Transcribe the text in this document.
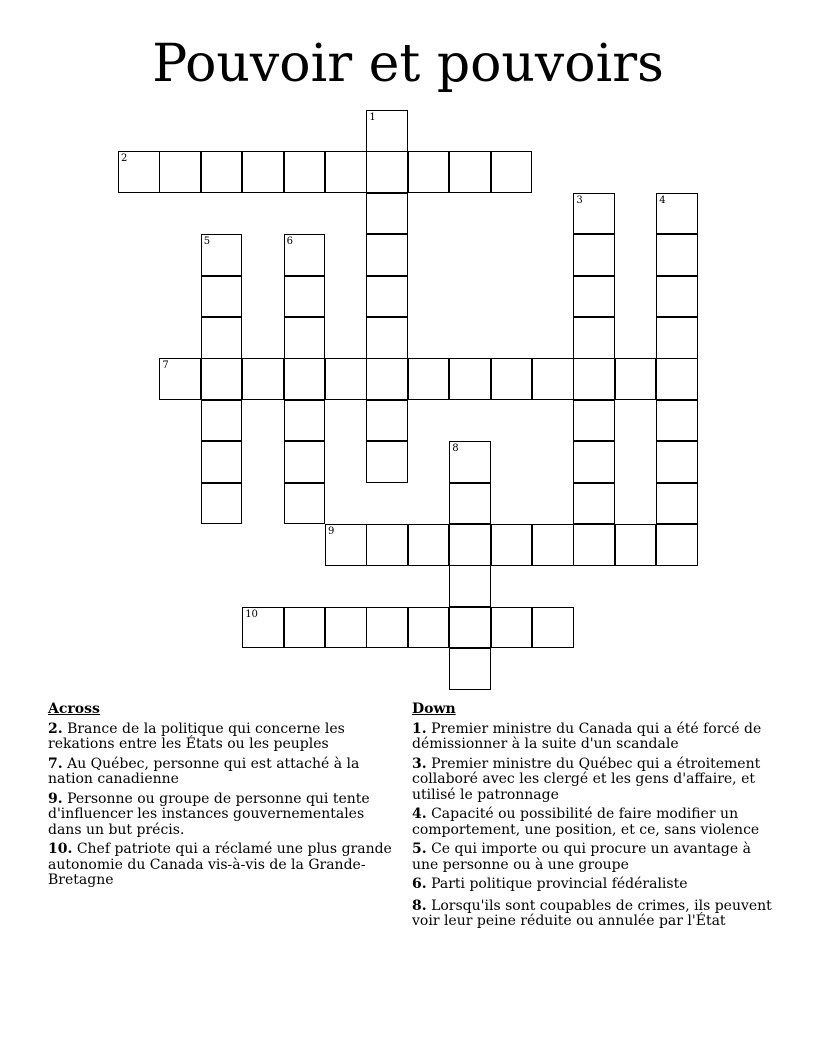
Pouvoir et pouvoirs
1
2
3	4
5	6
7
8
9
10
Across
2. Brance de la politique qui concerne les rekations entre les États ou les peuples
7. Au Québec, personne qui est attaché à la nation canadienne
9. Personne ou groupe de personne qui tente d'influencer les instances gouvernementales dans un but précis.
10. Chef patriote qui a réclamé une plus grande autonomie du Canada vis-à-vis de la Grande-Bretagne
Down
1. Premier ministre du Canada qui a été forcé de démissionner à la suite d'un scandale
3. Premier ministre du Québec qui a étroitement collaboré avec les clergé et les gens d'affaire, et utilisé le patronnage
4. Capacité ou possibilité de faire modifier un comportement, une position, et ce, sans violence
5. Ce qui importe ou qui procure un avantage à une personne ou à une groupe
6. Parti politique provincial fédéraliste
8. Lorsqu'ils sont coupables de crimes, ils peuvent voir leur peine réduite ou annulée par l'État
